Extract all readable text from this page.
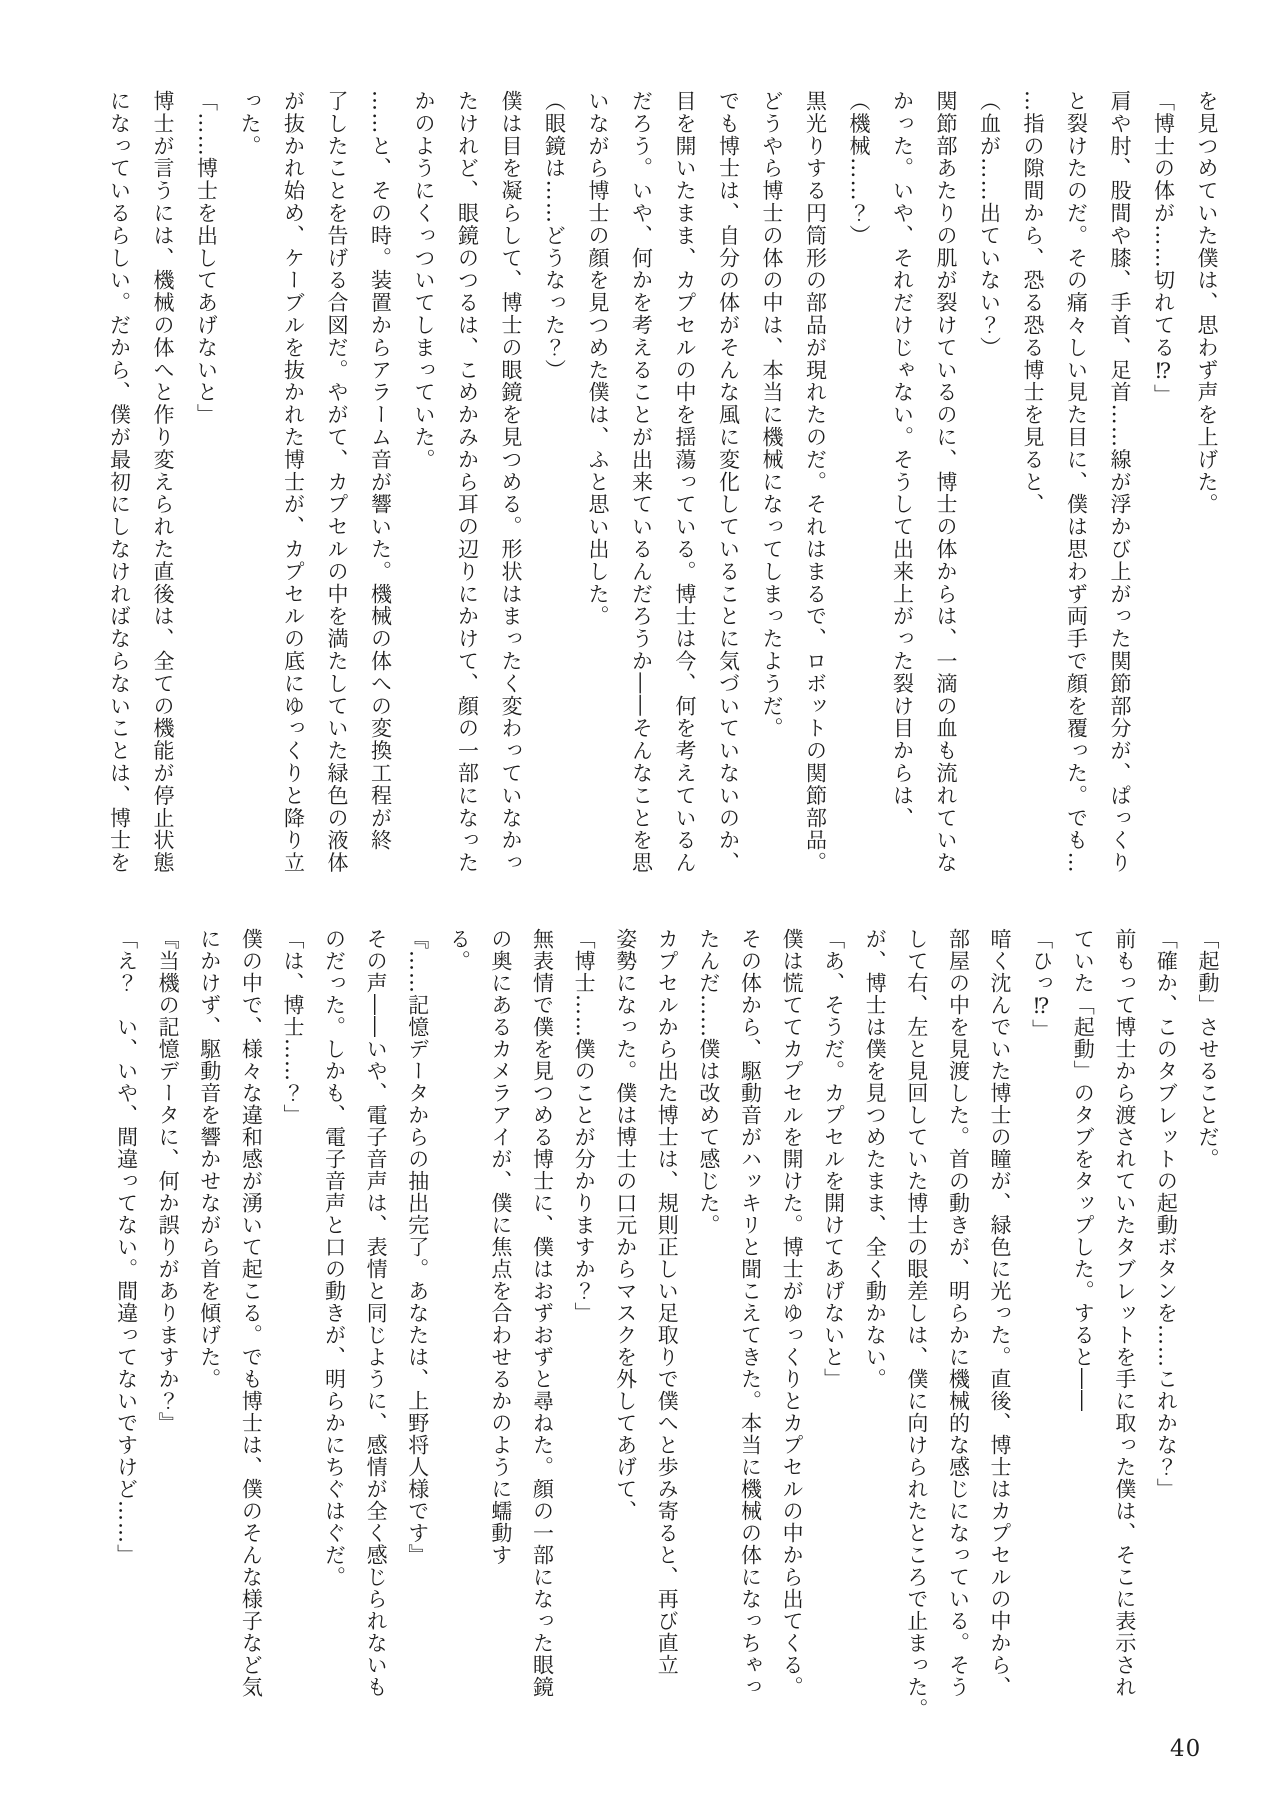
を見つめていた僕は、思わず声を上げた。

「博士の体が……切れてる⁉」

肩や肘、股間や膝、手首、足首……線が浮かび上がった関節部分が、ぱっくり

と裂けたのだ。その痛々しい見た目に、僕は思わず両手で顔を覆った。でも…

…指の隙間から、恐る恐る博士を見ると、

（血が……出ていない？）

関節部あたりの肌が裂けているのに、博士の体からは、一滴の血も流れていな

かった。いや、それだけじゃない。そうして出来上がった裂け目からは、

（機械……？）

黒光りする円筒形の部品が現れたのだ。それはまるで、ロボットの関節部品。

どうやら博士の体の中は、本当に機械になってしまったようだ。

でも博士は、自分の体がそんな風に変化していることに気づいていないのか、

目を開いたまま、カプセルの中を揺蕩っている。博士は今、何を考えているん

だろう。いや、何かを考えることが出来ているんだろうか――そんなことを思

いながら博士の顔を見つめた僕は、ふと思い出した。

（眼鏡は……どうなった？）

僕は目を凝らして、博士の眼鏡を見つめる。形状はまったく変わっていなかっ

たけれど、眼鏡のつるは、こめかみから耳の辺りにかけて、顔の一部になった

かのようにくっついてしまっていた。

……と、その時。装置からアラーム音が響いた。機械の体への変換工程が終

了したことを告げる合図だ。やがて、カプセルの中を満たしていた緑色の液体

が抜かれ始め、ケーブルを抜かれた博士が、カプセルの底にゆっくりと降り立

った。

「……博士を出してあげないと」

博士が言うには、機械の体へと作り変えられた直後は、全ての機能が停止状態

になっているらしい。だから、僕が最初にしなければならないことは、博士を

「起動」させることだ。

「確か、このタブレットの起動ボタンを……これかな？」

前もって博士から渡されていたタブレットを手に取った僕は、そこに表示され

ていた「起動」のタブをタップした。すると――

「ひっ⁉」

暗く沈んでいた博士の瞳が、緑色に光った。直後、博士はカプセルの中から、

部屋の中を見渡した。首の動きが、明らかに機械的な感じになっている。そう

して右、左と見回していた博士の眼差しは、僕に向けられたところで止まった。

が、博士は僕を見つめたまま、全く動かない。

「あ、そうだ。カプセルを開けてあげないと」

僕は慌ててカプセルを開けた。博士がゆっくりとカプセルの中から出てくる。

その体から、駆動音がハッキリと聞こえてきた。本当に機械の体になっちゃっ

たんだ……僕は改めて感じた。

カプセルから出た博士は、規則正しい足取りで僕へと歩み寄ると、再び直立

姿勢になった。僕は博士の口元からマスクを外してあげて、

「博士……僕のことが分かりますか？」

無表情で僕を見つめる博士に、僕はおずおずと尋ねた。顔の一部になった眼鏡

の奥にあるカメラアイが、僕に焦点を合わせるかのように蠕動す

る。

『……記憶データからの抽出完了。あなたは、上野将人様です』

その声――いや、電子音声は、表情と同じように、感情が全く感じられないも

のだった。しかも、電子音声と口の動きが、明らかにちぐはぐだ。

「は、博士……？」

僕の中で、様々な違和感が湧いて起こる。でも博士は、僕のそんな様子など気

にかけず、駆動音を響かせながら首を傾げた。

『当機の記憶データに、何か誤りがありますか？』

「え？　い、いや、間違ってない。間違ってないですけど……」

40
